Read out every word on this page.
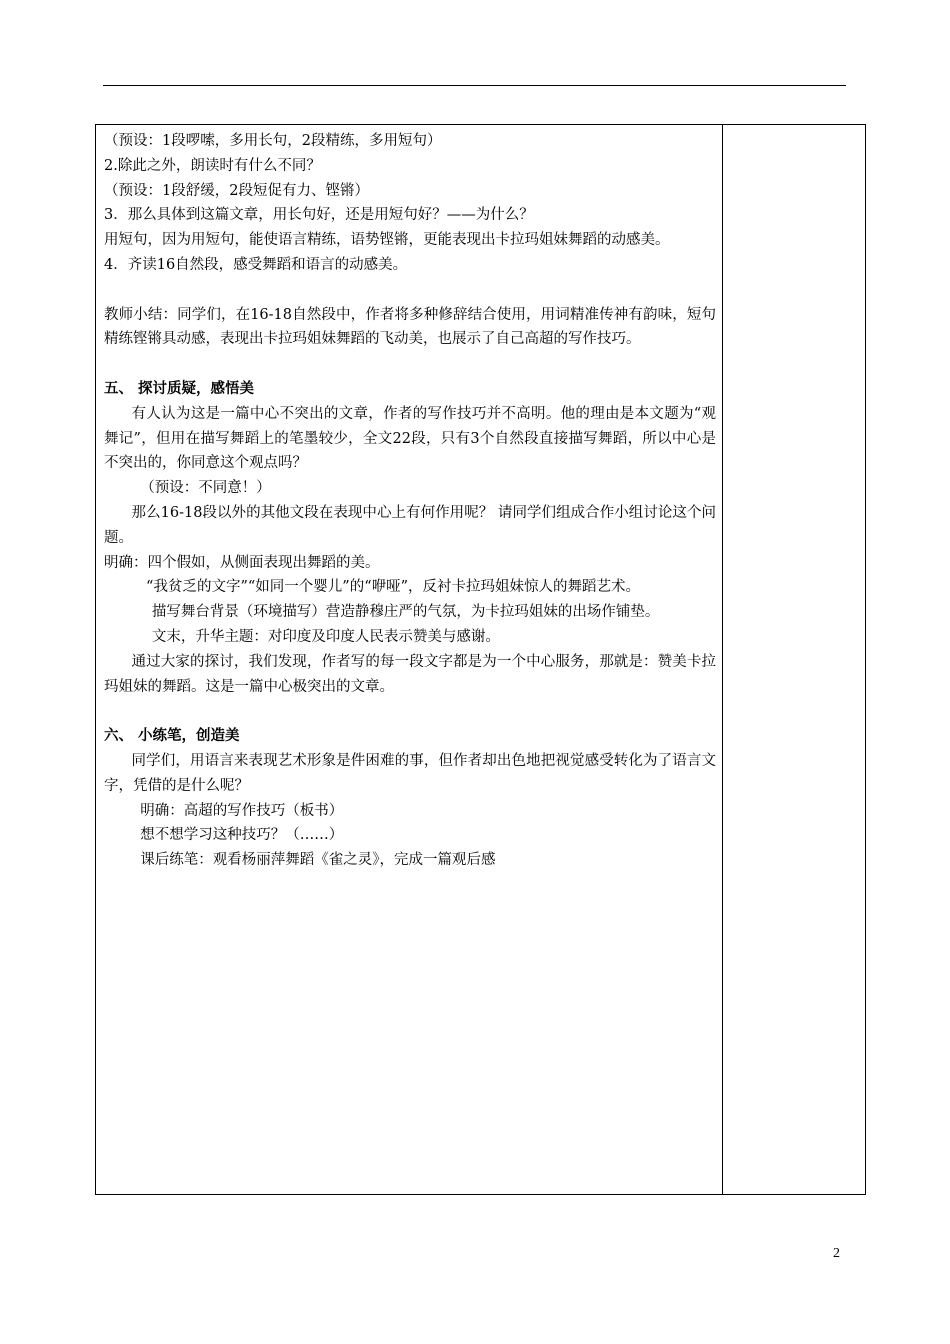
（预设：1段啰嗦，多用长句，2段精练，多用短句）

2.除此之外，朗读时有什么不同？

（预设：1段舒缓，2段短促有力、铿锵）

3．那么具体到这篇文章，用长句好，还是用短句好？——为什么？

用短句，因为用短句，能使语言精练，语势铿锵，更能表现出卡拉玛姐妹舞蹈的动感美。

4．齐读16自然段，感受舞蹈和语言的动感美。

教师小结：同学们，在16-18自然段中，作者将多种修辞结合使用，用词精准传神有韵味，短句精练铿锵具动感，表现出卡拉玛姐妹舞蹈的飞动美，也展示了自己高超的写作技巧。

五、 探讨质疑，感悟美

有人认为这是一篇中心不突出的文章，作者的写作技巧并不高明。他的理由是本文题为“观舞记”，但用在描写舞蹈上的笔墨较少，全文22段，只有3个自然段直接描写舞蹈，所以中心是不突出的，你同意这个观点吗？

（预设：不同意！）

那么16-18段以外的其他文段在表现中心上有何作用呢？ 请同学们组成合作小组讨论这个问题。

明确：四个假如，从侧面表现出舞蹈的美。

“我贫乏的文字”“如同一个婴儿”的“咿哑”，反衬卡拉玛姐妹惊人的舞蹈艺术。

描写舞台背景（环境描写）营造静穆庄严的气氛，为卡拉玛姐妹的出场作铺垫。

文末，升华主题：对印度及印度人民表示赞美与感谢。

通过大家的探讨，我们发现，作者写的每一段文字都是为一个中心服务，那就是：赞美卡拉玛姐妹的舞蹈。这是一篇中心极突出的文章。

六、 小练笔，创造美

同学们，用语言来表现艺术形象是件困难的事，但作者却出色地把视觉感受转化为了语言文字，凭借的是什么呢？

明确：高超的写作技巧（板书）

想不想学习这种技巧？（……）

课后练笔：观看杨丽萍舞蹈《雀之灵》，完成一篇观后感

2
